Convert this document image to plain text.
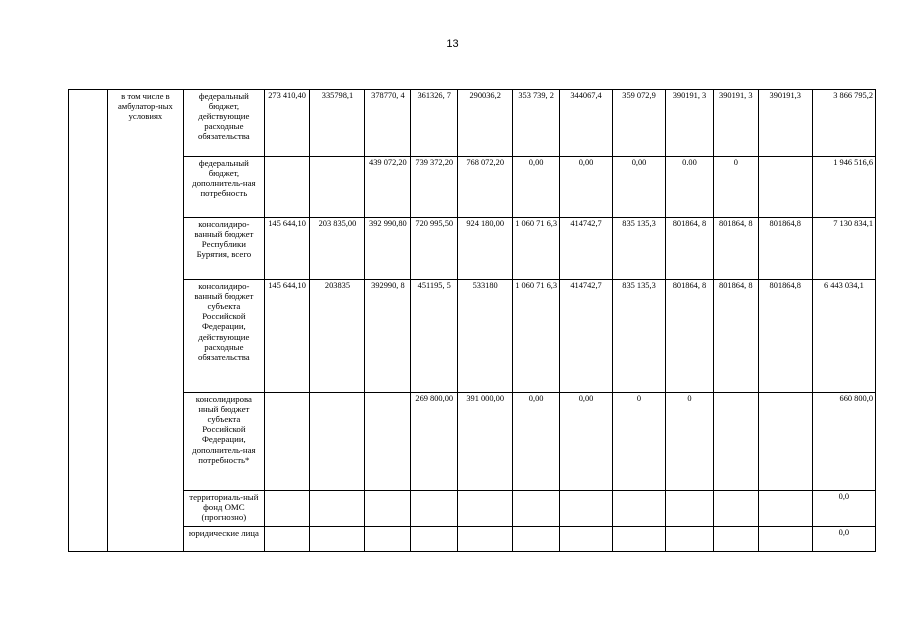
13
	в том числе в амбулатор-ных условиях	федеральный бюджет, действующие расходные обязательства	273 410,40	335798,1	378770, 4	361326, 7	290036,2	353 739, 2	344067,4	359 072,9	390191, 3	390191, 3	390191,3	3 866 795,2
		федеральный бюджет, дополнитель-ная потребность			439 072,20	739 372,20	768 072,20	0,00	0,00	0,00	0.00	0		1 946 516,6
		консолидиро-ванный бюджет Республики Бурятия, всего	145 644,10	203 835,00	392 990,80	720 995,50	924 180,00	1 060 71 6,3	414742,7	835 135,3	801864, 8	801864, 8	801864,8	7 130 834,1
		консолидиро-ванный бюджет субъекта Российской Федерации, действующие расходные обязательства	145 644,10	203835	392990, 8	451195, 5	533180	1 060 71 6,3	414742,7	835 135,3	801864, 8	801864, 8	801864,8	6 443 034,1
		консолидирова нный бюджет субъекта Российской Федерации, дополнитель-ная потребность*				269 800,00	391 000,00	0,00	0,00	0	0			660 800,0
		территориаль-ный фонд ОМС (прогнозно)												0,0
		юридические лица												0,0
